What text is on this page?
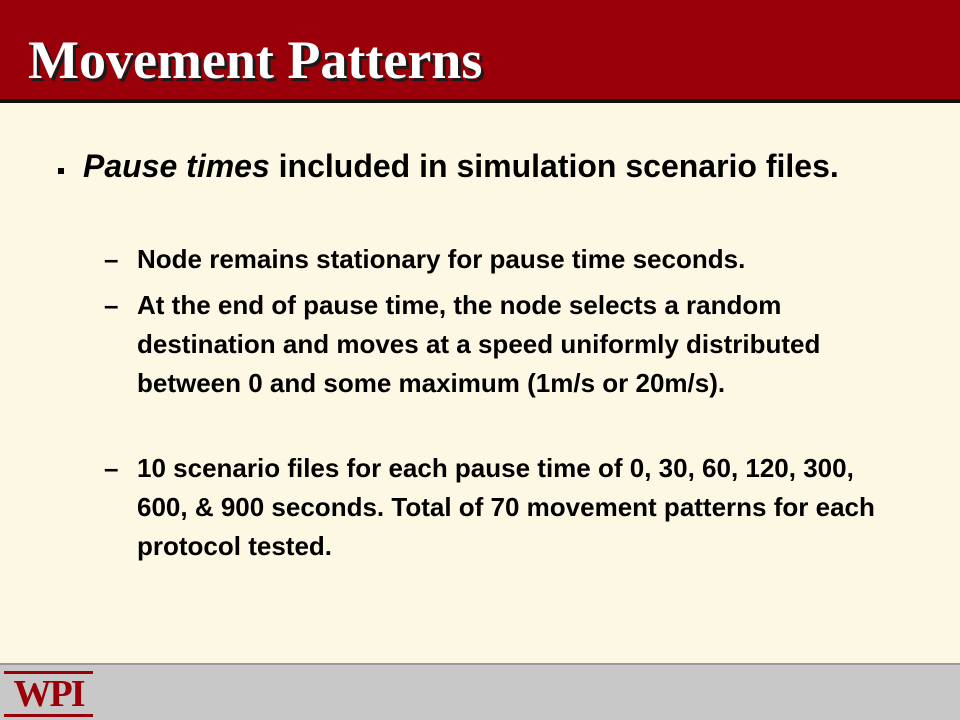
Movement Patterns
Pause times included in simulation scenario files.
– Node remains stationary for pause time seconds.
– At the end of pause time, the node selects a random destination and moves at a speed uniformly distributed between 0 and some maximum (1m/s or 20m/s).
– 10 scenario files for each pause time of 0, 30, 60, 120, 300, 600, & 900 seconds. Total of 70 movement patterns for each protocol tested.
WPI
